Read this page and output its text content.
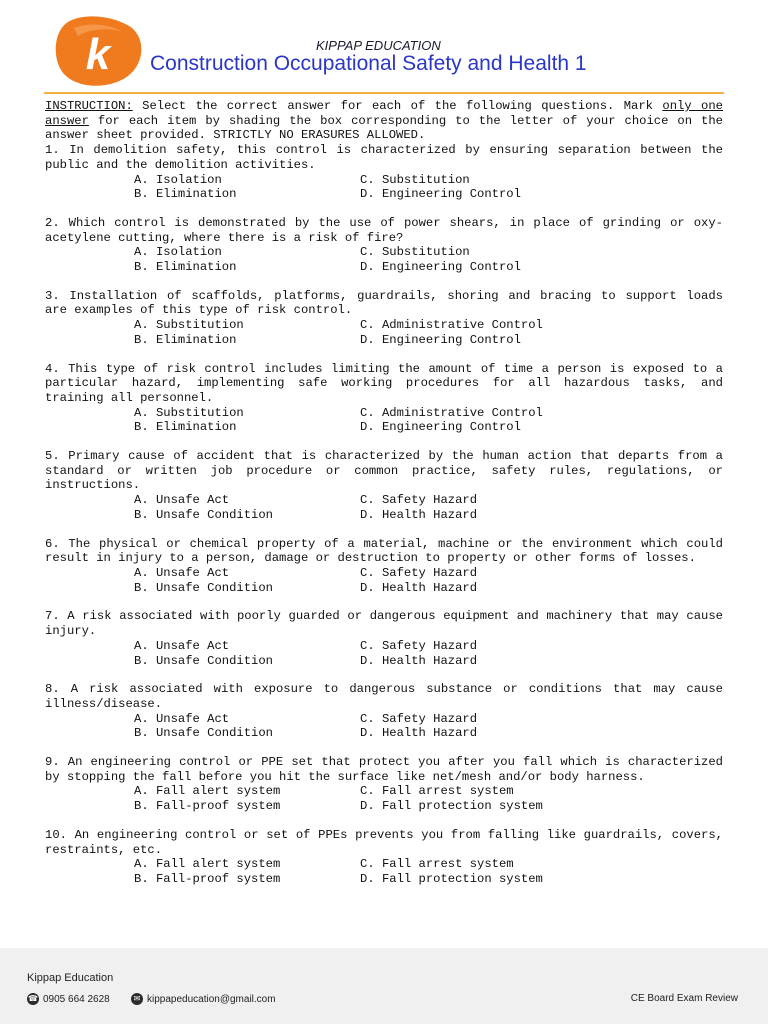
k	KIPPAP EDUCATION
Construction Occupational Safety and Health 1
INSTRUCTION: Select the correct answer for each of the following questions. Mark only one answer for each item by shading the box corresponding to the letter of your choice on the answer sheet provided. STRICTLY NO ERASURES ALLOWED.
1. In demolition safety, this control is characterized by ensuring separation between the public and the demolition activities.
A. Isolation	C. Substitution
B. Elimination	D. Engineering Control
2. Which control is demonstrated by the use of power shears, in place of grinding or oxy-acetylene cutting, where there is a risk of fire?
A. Isolation	C. Substitution
B. Elimination	D. Engineering Control
3. Installation of scaffolds, platforms, guardrails, shoring and bracing to support loads are examples of this type of risk control.
A. Substitution	C. Administrative Control
B. Elimination	D. Engineering Control
4. This type of risk control includes limiting the amount of time a person is exposed to a particular hazard, implementing safe working procedures for all hazardous tasks, and training all personnel.
A. Substitution	C. Administrative Control
B. Elimination	D. Engineering Control
5. Primary cause of accident that is characterized by the human action that departs from a standard or written job procedure or common practice, safety rules, regulations, or instructions.
A. Unsafe Act	C. Safety Hazard
B. Unsafe Condition	D. Health Hazard
6. The physical or chemical property of a material, machine or the environment which could result in injury to a person, damage or destruction to property or other forms of losses.
A. Unsafe Act	C. Safety Hazard
B. Unsafe Condition	D. Health Hazard
7. A risk associated with poorly guarded or dangerous equipment and machinery that may cause injury.
A. Unsafe Act	C. Safety Hazard
B. Unsafe Condition	D. Health Hazard
8. A risk associated with exposure to dangerous substance or conditions that may cause illness/disease.
A. Unsafe Act	C. Safety Hazard
B. Unsafe Condition	D. Health Hazard
9. An engineering control or PPE set that protect you after you fall which is characterized by stopping the fall before you hit the surface like net/mesh and/or body harness.
A. Fall alert system	C. Fall arrest system
B. Fall-proof system	D. Fall protection system
10. An engineering control or set of PPEs prevents you from falling like guardrails, covers, restraints, etc.
A. Fall alert system	C. Fall arrest system
B. Fall-proof system	D. Fall protection system
Kippap Education
☎ 0905 664 2628	✉ kippapeducation@gmail.com	CE Board Exam Review
